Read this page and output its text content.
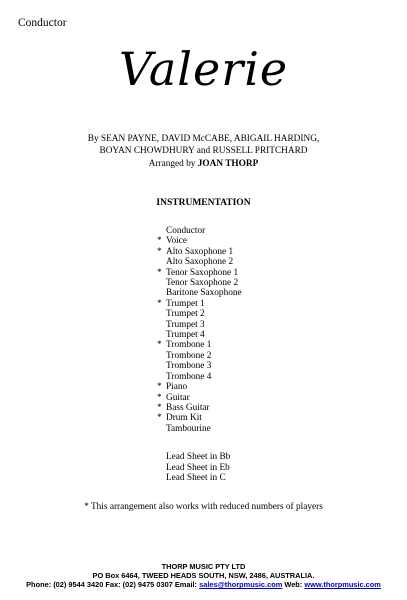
Conductor
Valerie
By SEAN PAYNE, DAVID McCABE, ABIGAIL HARDING,
BOYAN CHOWDHURY and RUSSELL PRITCHARD
Arranged by JOAN THORP
INSTRUMENTATION
Conductor
* Voice
* Alto Saxophone 1
Alto Saxophone 2
* Tenor Saxophone 1
Tenor Saxophone 2
Baritone Saxophone
* Trumpet 1
Trumpet 2
Trumpet 3
Trumpet 4
* Trombone 1
Trombone 2
Trombone 3
Trombone 4
* Piano
* Guitar
* Bass Guitar
* Drum Kit
Tambourine
Lead Sheet in Bb
Lead Sheet in Eb
Lead Sheet in C
* This arrangement also works with reduced numbers of players
THORP MUSIC PTY LTD
PO Box 6464, TWEED HEADS SOUTH, NSW, 2486, AUSTRALIA.
Phone: (02) 9544 3420 Fax: (02) 9475 0307 Email: sales@thorpmusic.com Web: www.thorpmusic.com
